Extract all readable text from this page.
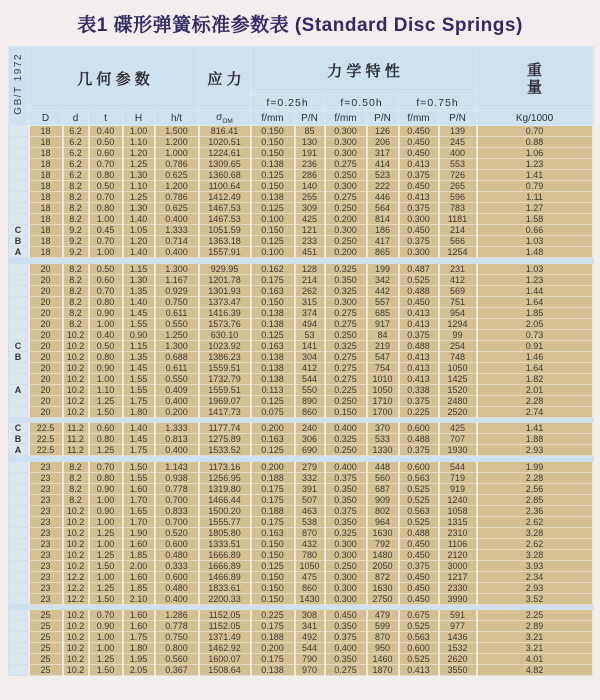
表1 碟形弹簧标准参数表 (Standard Disc Springs)
GB/T 1972	几 何 参 数					应 力	力 学 特 性						重
量

							f=0.25h		f=0.50h		f=0.75h		
	D	d	t	H	h/t	$\sigma_{OM}$	f/mm	P/N	f/mm	P/N	f/mm	P/N	Kg/1000
	18	6.2	0.40	1.00	1.500	816.41	0.150	85	0.300	126	0.450	139	0.70
	18	6.2	0.50	1.10	1.200	1020.51	0.150	130	0.300	206	0.450	245	0.88
	18	6.2	0.60	1.20	1.000	1224.61	0.150	191	0.300	317	0.450	400	1.06
	18	6.2	0.70	1.25	0.786	1309.65	0.138	236	0.275	414	0.413	553	1.23
	18	6.2	0.80	1.30	0.625	1360.68	0.125	286	0.250	523	0.375	726	1.41
	18	8.2	0.50	1.10	1.200	1100.64	0.150	140	0.300	222	0.450	265	0.79
	18	8.2	0.70	1.25	0.786	1412.49	0.138	255	0.275	446	0.413	596	1.11
	18	8.2	0.80	1.30	0.625	1467.53	0.125	309	0.250	564	0.375	783	1.27
	18	8.2	1.00	1.40	0.400	1467.53	0.100	425	0.200	814	0.300	1181	1.58
C	18	9.2	0.45	1.05	1.333	1051.59	0.150	121	0.300	186	0.450	214	0.66
B	18	9.2	0.70	1.20	0.714	1363.18	0.125	233	0.250	417	0.375	566	1.03
A	18	9.2	1.00	1.40	0.400	1557.91	0.100	451	0.200	865	0.300	1254	1.48

	20	8.2	0.50	1.15	1.300	929.95	0.162	128	0.325	199	0.487	231	1.03
	20	8.2	0.60	1.30	1.167	1201.78	0.175	214	0.350	342	0.525	412	1.23
	20	8.2	0.70	1.35	0.929	1301.93	0.163	262	0.325	442	0.488	569	1.44
	20	8.2	0.80	1.40	0.750	1373.47	0.150	315	0.300	557	0.450	751	1.64
	20	8.2	0.90	1.45	0.611	1416.39	0.138	374	0.275	685	0.413	954	1.85
	20	8.2	1.00	1.55	0.550	1573.76	0.138	494	0.275	917	0.413	1294	2.05
	20	10.2	0.40	0.90	1.250	630.10	0.125	53	0.250	84	0.375	99	0.73
C	20	10.2	0.50	1.15	1.300	1023.92	0.163	141	0.325	219	0.488	254	0.91
B	20	10.2	0.80	1.35	0.688	1386.23	0.138	304	0.275	547	0.413	748	1.46
	20	10.2	0.90	1.45	0.611	1559.51	0.138	412	0.275	754	0.413	1050	1.64
	20	10.2	1.00	1.55	0.550	1732.79	0.138	544	0.275	1010	0.413	1425	1.82
A	20	10.2	1.10	1.55	0.409	1559.51	0.113	550	0.225	1050	0.338	1520	2.01
	20	10.2	1.25	1.75	0.400	1969.07	0.125	890	0.250	1710	0.375	2480	2.28
	20	10.2	1.50	1.80	0.200	1417.73	0.075	860	0.150	1700	0.225	2520	2.74

C	22.5	11.2	0.60	1.40	1.333	1177.74	0.200	240	0.400	370	0.600	425	1.41
B	22.5	11.2	0.80	1.45	0.813	1275.89	0.163	306	0.325	533	0.488	707	1.88
A	22.5	11.2	1.25	1.75	0.400	1533.52	0.125	690	0.250	1330	0.375	1930	2.93

	23	8.2	0.70	1.50	1.143	1173.16	0.200	279	0.400	448	0.600	544	1.99
	23	8.2	0.80	1.55	0.938	1256.95	0.188	332	0.375	560	0.563	719	2.28
	23	8.2	0.90	1.60	0.778	1319.80	0.175	391	0.350	687	0.525	919	2.56
	23	8.2	1.00	1.70	0.700	1466.44	0.175	507	0.350	909	0.525	1240	2.85
	23	10.2	0.90	1.65	0.833	1500.20	0.188	463	0.375	802	0.563	1058	2.36
	23	10.2	1.00	1.70	0.700	1555.77	0.175	538	0.350	964	0.525	1315	2.62
	23	10.2	1.25	1.90	0.520	1805.80	0.163	870	0.325	1630	0.488	2310	3.28
	23	10.2	1.00	1.60	0.600	1333.51	0.150	432	0.300	792	0.450	1106	2.62
	23	10.2	1.25	1.85	0.480	1666.89	0.150	780	0.300	1480	0.450	2120	3.28
	23	10.2	1.50	2.00	0.333	1666.89	0.125	1050	0.250	2050	0.375	3000	3.93
	23	12.2	1.00	1.60	0.600	1466.89	0.150	475	0.300	872	0.450	1217	2.34
	23	12.2	1.25	1.85	0.480	1833.61	0.150	860	0.300	1630	0.450	2330	2.93
	23	12.2	1.50	2.10	0.400	2200.33	0.150	1430	0.300	2750	0.450	3990	3.52

	25	10.2	0.70	1.60	1.286	1152.05	0.225	308	0.450	479	0.675	591	2.25
	25	10.2	0.90	1.60	0.778	1152.05	0.175	341	0.350	599	0.525	977	2.89
	25	10.2	1.00	1.75	0.750	1371.49	0.188	492	0.375	870	0.563	1436	3.21
	25	10.2	1.00	1.80	0.800	1462.92	0.200	544	0.400	950	0.600	1532	3.21
	25	10.2	1.25	1.95	0.560	1600.07	0.175	790	0.350	1460	0.525	2620	4.01
	25	10.2	1.50	2.05	0.367	1508.64	0.138	970	0.275	1870	0.413	3550	4.82
